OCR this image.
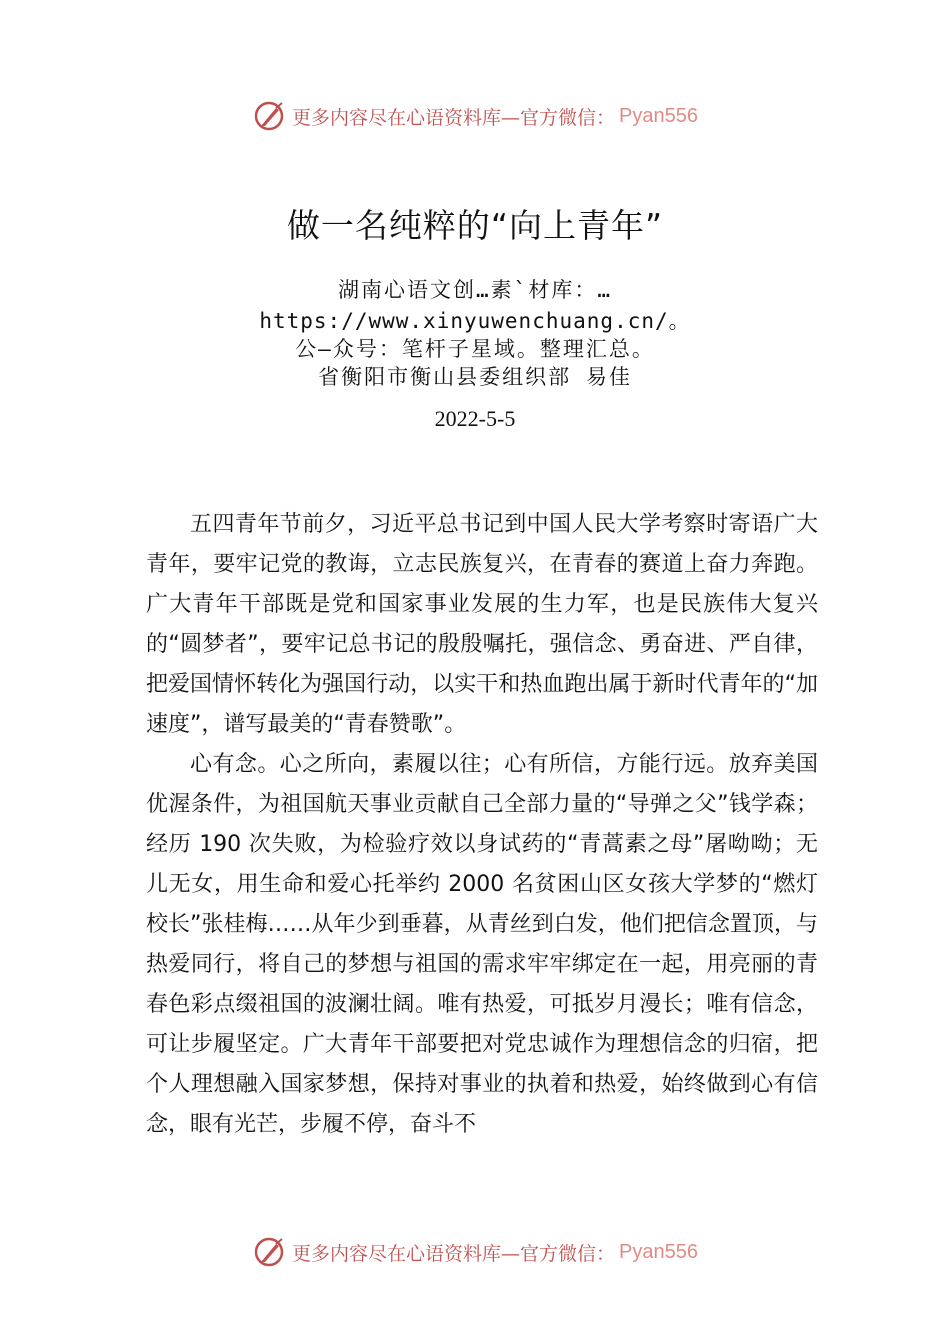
更多内容尽在心语资料库 —官方微信： Pyan556
做一名纯粹的“向上青年”
湖南心语文创…素`材库：…
https://www.xinyuwenchuang.cn/。
公—众号：笔杆子星域。整理汇总。
省衡阳市衡山县委组织部 易佳
2022-5-5

五四青年节前夕，习近平总书记到中国人民大学考察时寄语广大青年，要牢记党的教诲，立志民族复兴，在青春的赛道上奋力奔跑。广大青年干部既是党和国家事业发展的生力军，也是民族伟大复兴的“圆梦者”，要牢记总书记的殷殷嘱托，强信念、勇奋进、严自律，把爱国情怀转化为强国行动，以实干和热血跑出属于新时代青年的“加速度”，谱写最美的“青春赞歌”。

心有念。心之所向，素履以往；心有所信，方能行远。放弃美国优渥条件，为祖国航天事业贡献自己全部力量的“导弹之父”钱学森；经历 190 次失败，为检验疗效以身试药的“青蒿素之母”屠呦呦；无儿无女，用生命和爱心托举约 2000 名贫困山区女孩大学梦的“燃灯校长”张桂梅……从年少到垂暮，从青丝到白发，他们把信念置顶，与热爱同行，将自己的梦想与祖国的需求牢牢绑定在一起，用亮丽的青春色彩点缀祖国的波澜壮阔。唯有热爱，可抵岁月漫长；唯有信念，可让步履坚定。广大青年干部要把对党忠诚作为理想信念的归宿，把个人理想融入国家梦想，保持对事业的执着和热爱，始终做到心有信念，眼有光芒，步履不停，奋斗不

更多内容尽在心语资料库 —官方微信： Pyan556
